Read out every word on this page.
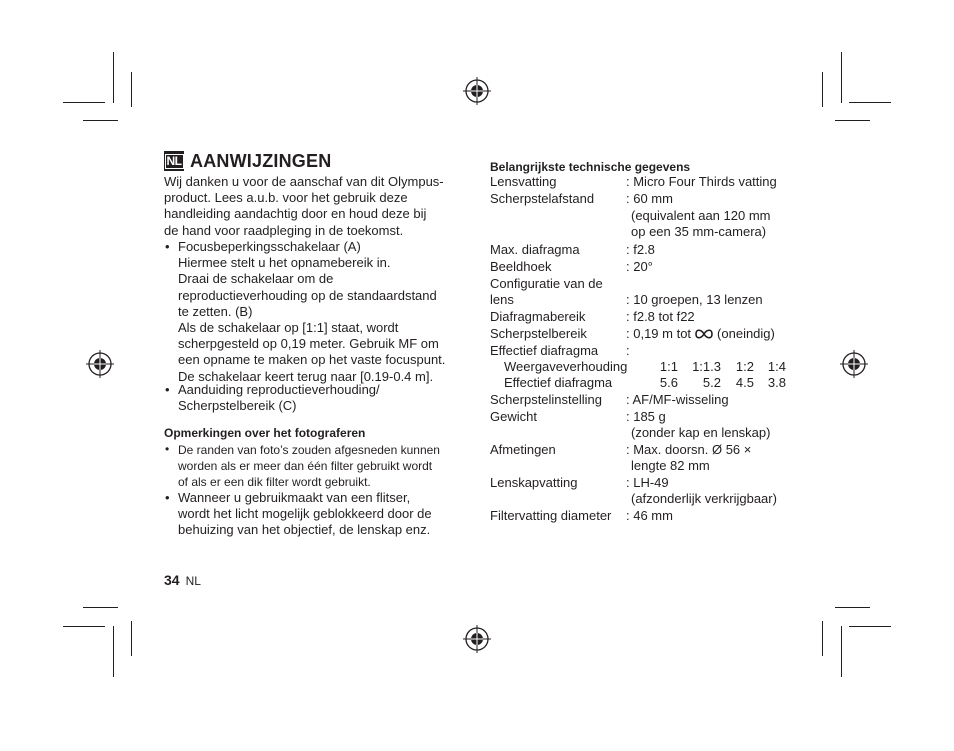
NL AANWIJZINGEN
Wij danken u voor de aanschaf van dit Olympus-
product. Lees a.u.b. voor het gebruik deze
handleiding aandachtig door en houd deze bij
de hand voor raadpleging in de toekomst.
• Focusbeperkingsschakelaar (A)
Hiermee stelt u het opnamebereik in.
Draai de schakelaar om de
reproductieverhouding op de standaardstand
te zetten. (B)
Als de schakelaar op [1:1] staat, wordt
scherpgesteld op 0,19 meter. Gebruik MF om
een opname te maken op het vaste focuspunt.
De schakelaar keert terug naar [0.19-0.4 m].
• Aanduiding reproductieverhouding/
Scherpstelbereik (C)
Opmerkingen over het fotograferen
• De randen van foto’s zouden afgesneden kunnen
worden als er meer dan één filter gebruikt wordt
of als er een dik filter wordt gebruikt.
• Wanneer u gebruikmaakt van een flitser,
wordt het licht mogelijk geblokkeerd door de
behuizing van het objectief, de lenskap enz.
Belangrijkste technische gegevens
Lensvatting	: Micro Four Thirds vatting
Scherpstelafstand : 60 mm
(equivalent aan 120 mm
op een 35 mm-camera)
Max. diafragma	: f2.8
Beeldhoek	: 20°
Configuratie van de
lens	: 10 groepen, 13 lenzen
Diafragmabereik	: f2.8 tot f22
Scherpstelbereik	: 0,19 m tot (oneindig)
Effectief diafragma :
Weergaveverhouding	1:1	1:1.3	1:2	1:4
Effectief diafragma	5.6	5.2	4.5	3.8
Scherpstelinstelling : AF/MF-wisseling
Gewicht	: 185 g
(zonder kap en lenskap)
Afmetingen	: Max. doorsn. Ø 56 ×
lengte 82 mm
Lenskapvatting	: LH-49
(afzonderlijk verkrijgbaar)
Filtervatting diameter : 46 mm
34 NL
